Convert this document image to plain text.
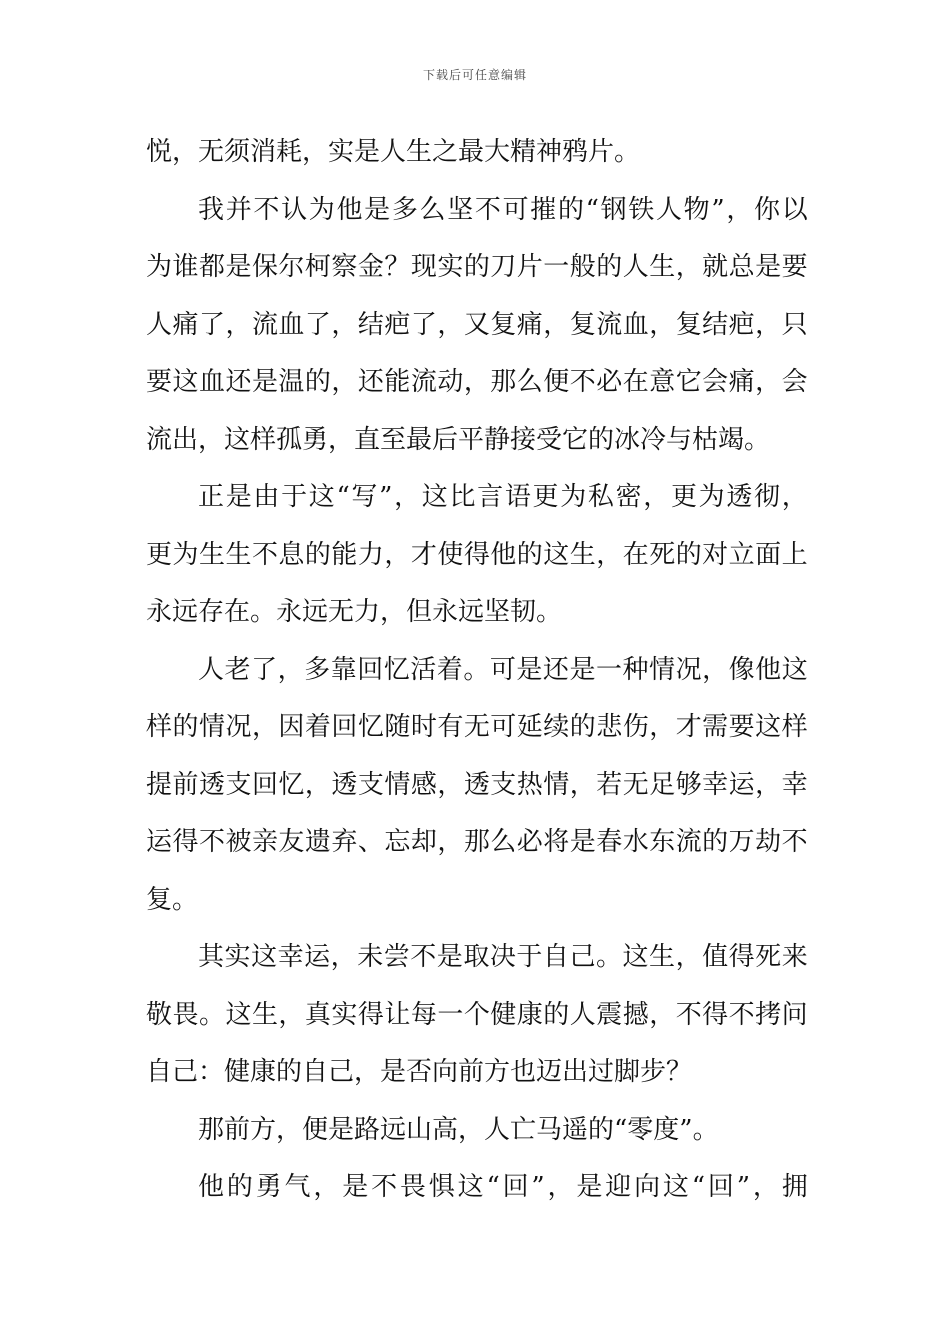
下载后可任意编辑
悦，无须消耗，实是人生之最大精神鸦片。
我 并 不 认 为 他 是 多 么 坚 不 可 摧 的 “ 钢 铁 人 物 ” ， 你 以
为 谁 都 是 保 尔 柯 察 金 ？ 现 实 的 刀 片 一 般 的 人 生 ， 就 总 是 要
人 痛 了 ， 流 血 了 ， 结 疤 了 ， 又 复 痛 ， 复 流 血 ， 复 结 疤 ， 只
要 这 血 还 是 温 的 ， 还 能 流 动 ， 那 么 便 不 必 在 意 它 会 痛 ， 会
流出，这样孤勇，直至最后平静接受它的冰冷与枯竭。
正 是 由 于 这 “ 写 ” ， 这 比 言 语 更 为 私 密 ， 更 为 透 彻 ，
更 为 生 生 不 息 的 能 力 ， 才 使 得 他 的 这 生 ， 在 死 的 对 立 面 上
永远存在。永远无力，但永远坚韧。
人 老 了 ， 多 靠 回 忆 活 着 。 可 是 还 是 一 种 情 况 ， 像 他 这
样 的 情 况 ， 因 着 回 忆 随 时 有 无 可 延 续 的 悲 伤 ， 才 需 要 这 样
提 前 透 支 回 忆 ， 透 支 情 感 ， 透 支 热 情 ， 若 无 足 够 幸 运 ， 幸
运 得 不 被 亲 友 遗 弃 、 忘 却 ， 那 么 必 将 是 春 水 东 流 的 万 劫 不
复。
其 实 这 幸 运 ， 未 尝 不 是 取 决 于 自 己 。 这 生 ， 值 得 死 来
敬 畏 。 这 生 ， 真 实 得 让 每 一 个 健 康 的 人 震 撼 ， 不 得 不 拷 问
自己：健康的自己，是否向前方也迈出过脚步？
那前方，便是路远山高，人亡马遥的“零度”。
他 的 勇 气 ， 是 不 畏 惧 这 “ 回 ” ， 是 迎 向 这 “ 回 ” ， 拥
